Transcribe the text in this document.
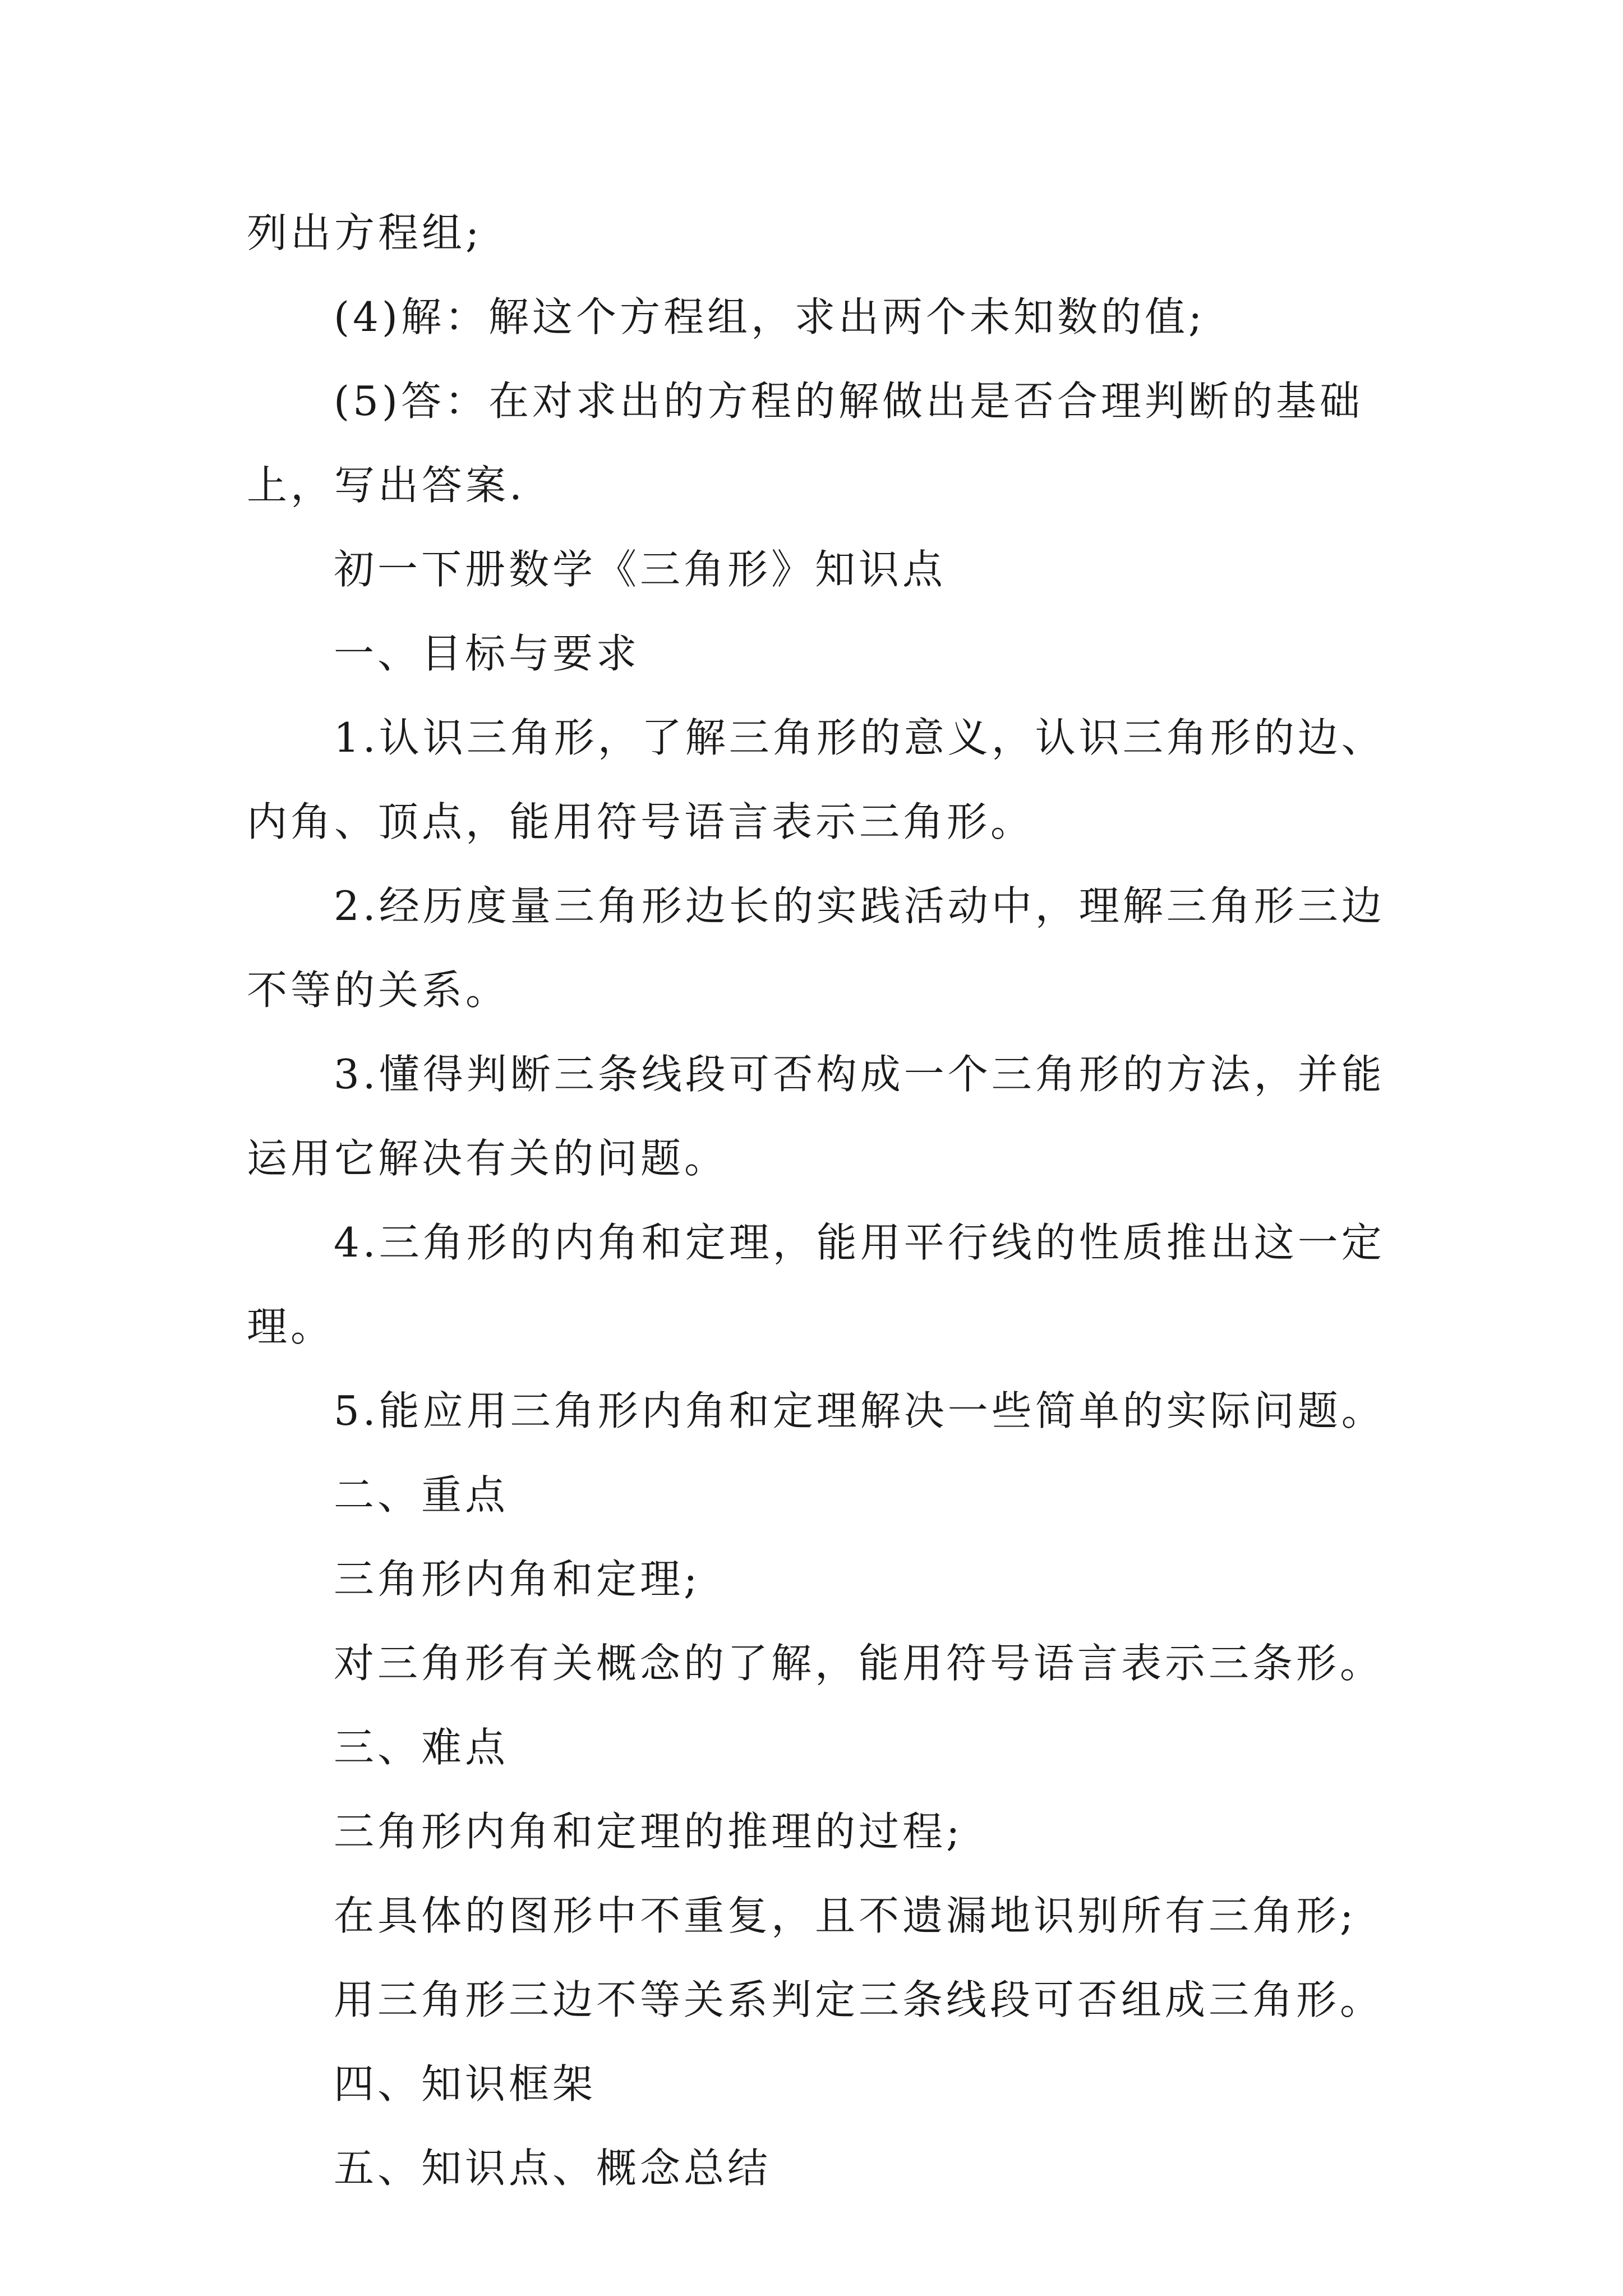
列出方程组;
(4)解：解这个方程组，求出两个未知数的值;
(5)答：在对求出的方程的解做出是否合理判断的基础
上，写出答案.
初一下册数学《三角形》知识点
一、目标与要求
1.认识三角形，了解三角形的意义，认识三角形的边、
内角、顶点，能用符号语言表示三角形。
2.经历度量三角形边长的实践活动中，理解三角形三边
不等的关系。
3.懂得判断三条线段可否构成一个三角形的方法，并能
运用它解决有关的问题。
4.三角形的内角和定理，能用平行线的性质推出这一定
理。
5.能应用三角形内角和定理解决一些简单的实际问题。
二、重点
三角形内角和定理;
对三角形有关概念的了解，能用符号语言表示三条形。
三、难点
三角形内角和定理的推理的过程;
在具体的图形中不重复，且不遗漏地识别所有三角形;
用三角形三边不等关系判定三条线段可否组成三角形。
四、知识框架
五、知识点、概念总结
